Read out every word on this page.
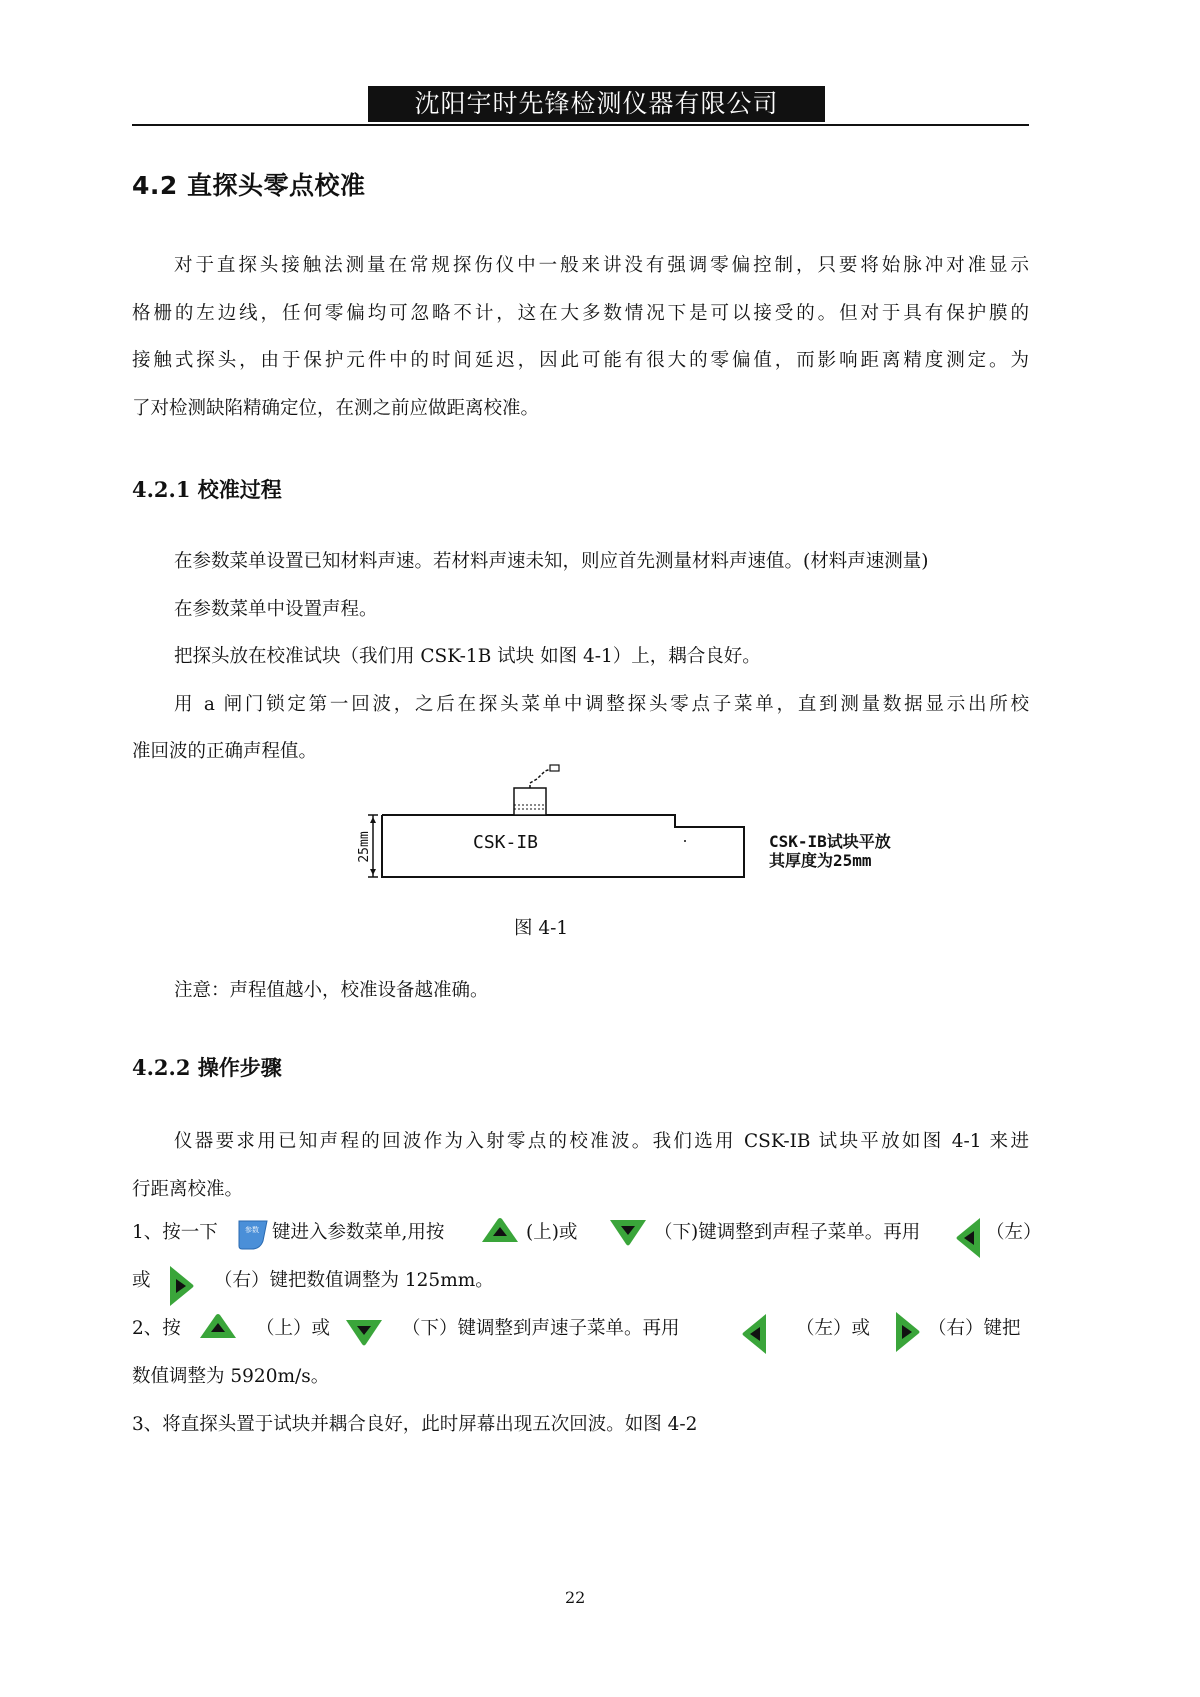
沈阳宇时先锋检测仪器有限公司
4.2 直探头零点校准
对于直探头接触法测量在常规探伤仪中一般来讲没有强调零偏控制，只要将始脉冲对准显示
格栅的左边线，任何零偏均可忽略不计，这在大多数情况下是可以接受的。但对于具有保护膜的
接触式探头，由于保护元件中的时间延迟，因此可能有很大的零偏值，而影响距离精度测定。为
了对检测缺陷精确定位，在测之前应做距离校准。
4.2.1 校准过程
在参数菜单设置已知材料声速。若材料声速未知，则应首先测量材料声速值。(材料声速测量)
在参数菜单中设置声程。
把探头放在校准试块（我们用 CSK-1B 试块 如图 4-1）上，耦合良好。
用 a 闸门锁定第一回波，之后在探头菜单中调整探头零点子菜单，直到测量数据显示出所校
准回波的正确声程值。
25mm	CSK-IB	CSK-IB试块平放
其厚度为25mm
图 4-1
注意：声程值越小，校准设备越准确。
4.2.2 操作步骤
仪器要求用已知声程的回波作为入射零点的校准波。我们选用 CSK-IB 试块平放如图 4-1 来进
行距离校准。
1、按一下	参数 键进入参数菜单,用按	(上)或	（下)键调整到声程子菜单。再用	（左）
或	（右）键把数值调整为 125mm。
2、按	（上）或	（下）键调整到声速子菜单。再用	（左）或	（右）键把
数值调整为 5920m/s。
3、将直探头置于试块并耦合良好，此时屏幕出现五次回波。如图 4-2
22
